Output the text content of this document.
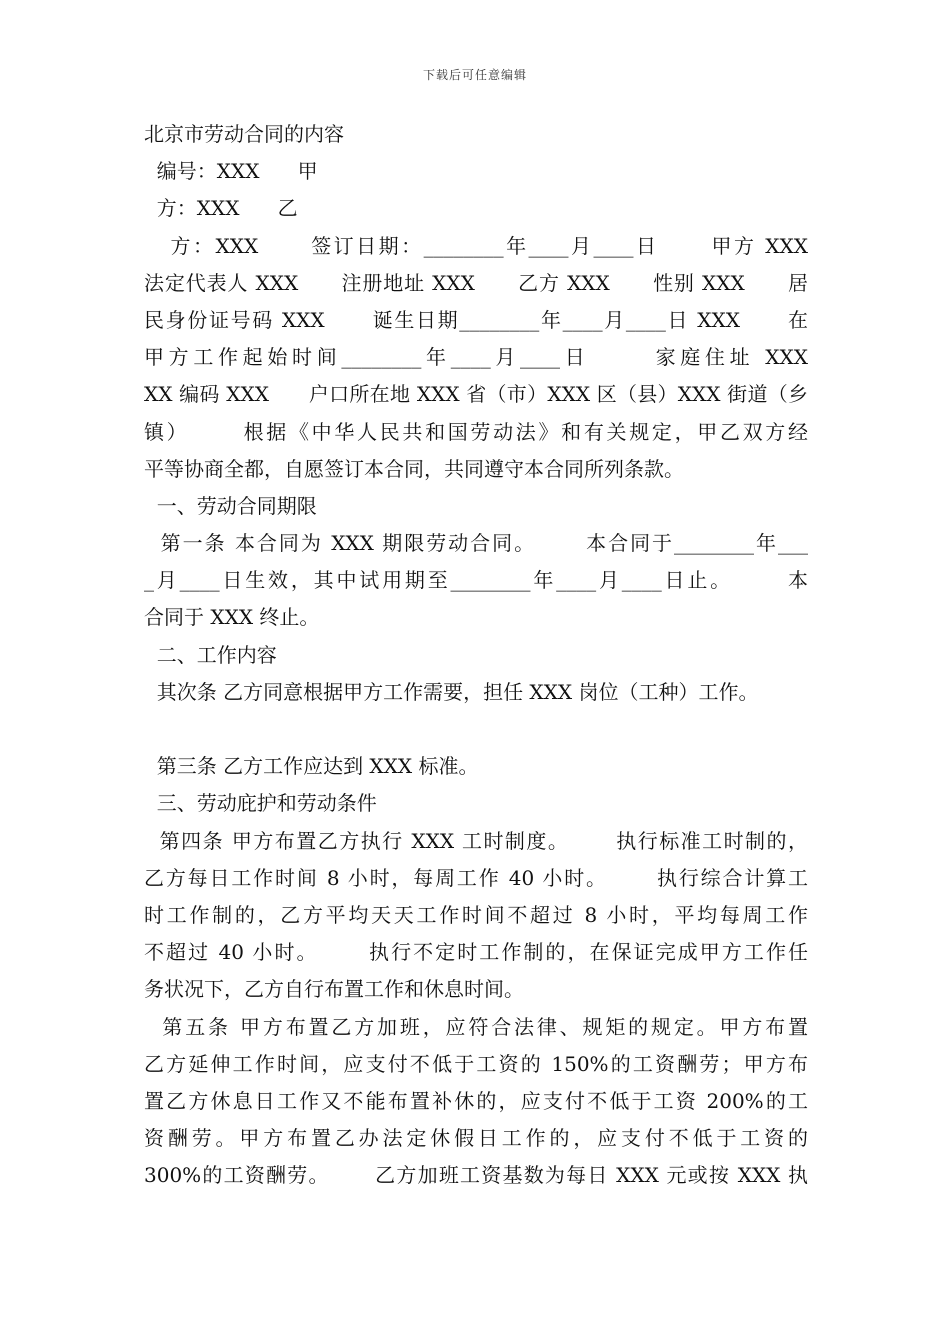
下载后可任意编辑
北京市劳动合同的内容
编号：XXX      甲
方：XXX      乙
方：XXX      签订日期：________年____月____日      甲方 XXX
法定代表人 XXX      注册地址 XXX      乙方 XXX      性别 XXX      居
民身份证号码 XXX      诞生日期________年____月____日 XXX      在
甲方工作起始时间________年____月____日      家庭住址 XXX
XX 编码 XXX      户口所在地 XXX 省（市）XXX 区（县）XXX 街道（乡
镇）      根据《中华人民共和国劳动法》和有关规定，甲乙双方经
平等协商全都，自愿签订本合同，共同遵守本合同所列条款。
一、劳动合同期限
第一条 本合同为 XXX 期限劳动合同。      本合同于________年___
_月____日生效，其中试用期至________年____月____日止。      本
合同于 XXX 终止。
二、工作内容
其次条 乙方同意根据甲方工作需要，担任 XXX 岗位（工种）工作。
第三条 乙方工作应达到 XXX 标准。
三、劳动庇护和劳动条件
第四条 甲方布置乙方执行 XXX 工时制度。      执行标准工时制的，
乙方每日工作时间 8 小时，每周工作 40 小时。      执行综合计算工
时工作制的，乙方平均天天工作时间不超过 8 小时，平均每周工作
不超过 40 小时。      执行不定时工作制的，在保证完成甲方工作任
务状况下，乙方自行布置工作和休息时间。
第五条 甲方布置乙方加班，应符合法律、规矩的规定。甲方布置
乙方延伸工作时间，应支付不低于工资的 150%的工资酬劳；甲方布
置乙方休息日工作又不能布置补休的，应支付不低于工资 200%的工
资酬劳。甲方布置乙办法定休假日工作的，应支付不低于工资的
300%的工资酬劳。      乙方加班工资基数为每日 XXX 元或按 XXX 执
